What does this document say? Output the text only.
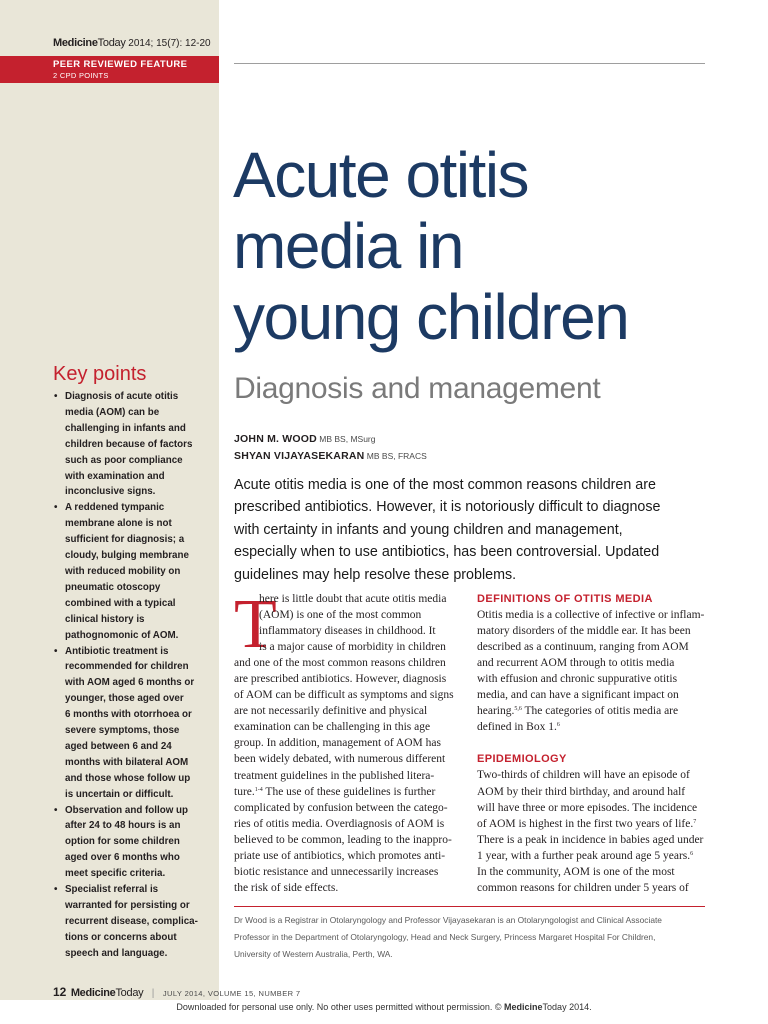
MedicineToday 2014; 15(7): 12-20
PEER REVIEWED FEATURE
2 CPD POINTS
Acute otitis
media in
young children
Diagnosis and management
JOHN M. WOOD MB BS, MSurg
SHYAN VIJAYASEKARAN MB BS, FRACS

Acute otitis media is one of the most common reasons children are
prescribed antibiotics. However, it is notoriously difficult to diagnose
with certainty in infants and young children and management,
especially when to use antibiotics, has been controversial. Updated
guidelines may help resolve these problems.

Key points
• Diagnosis of acute otitis
media (AOM) can be
challenging in infants and
children because of factors
such as poor compliance
with examination and
inconclusive signs.
• A reddened tympanic
membrane alone is not
sufficient for diagnosis; a
cloudy, bulging membrane
with reduced mobility on
pneumatic otoscopy
combined with a typical
clinical history is
pathognomonic of AOM.
• Antibiotic treatment is
recommended for children
with AOM aged 6 months or
younger, those aged over
6 months with otorrhoea or
severe symptoms, those
aged between 6 and 24
months with bilateral AOM
and those whose follow up
is uncertain or difficult.
• Observation and follow up
after 24 to 48 hours is an
option for some children
aged over 6 months who
meet specific criteria.
• Specialist referral is
warranted for persisting or
recurrent disease, complica-
tions or concerns about
speech and language.
T
here is little doubt that acute otitis media
(AOM) is one of the most common
inflammatory diseases in childhood. It
is a major cause of morbidity in children
and one of the most common reasons children
are prescribed antibiotics. However, diagnosis
of AOM can be difficult as symptoms and signs
are not necessarily definitive and physical
examination can be challenging in this age
group. In addition, management of AOM has
been widely debated, with numerous different
treatment guidelines in the published litera-
ture.$^{1-4}$ The use of these guidelines is further
complicated by confusion between the catego-
ries of otitis media. Overdiagnosis of AOM is
believed to be common, leading to the inappro-
priate use of antibiotics, which promotes anti-
biotic resistance and unnecessarily increases
the risk of side effects.
DEFINITIONS OF OTITIS MEDIA
Otitis media is a collective of infective or inflam-
matory disorders of the middle ear. It has been
described as a continuum, ranging from AOM
and recurrent AOM through to otitis media
with effusion and chronic suppurative otitis
media, and can have a significant impact on
hearing.$^{5,6}$ The categories of otitis media are
defined in Box 1.$^6$
EPIDEMIOLOGY
Two-thirds of children will have an episode of
AOM by their third birthday, and around half
will have three or more episodes. The incidence
of AOM is highest in the first two years of life.$^7$
There is a peak in incidence in babies aged under
1 year, with a further peak around age 5 years.$^6$
In the community, AOM is one of the most
common reasons for children under 5 years of
Dr Wood is a Registrar in Otolaryngology and Professor Vijayasekaran is an Otolaryngologist and Clinical Associate
Professor in the Department of Otolaryngology, Head and Neck Surgery, Princess Margaret Hospital For Children,
University of Western Australia, Perth, WA.
12 MedicineToday | JULY 2014, VOLUME 15, NUMBER 7
Downloaded for personal use only. No other uses permitted without permission. © MedicineToday 2014.
